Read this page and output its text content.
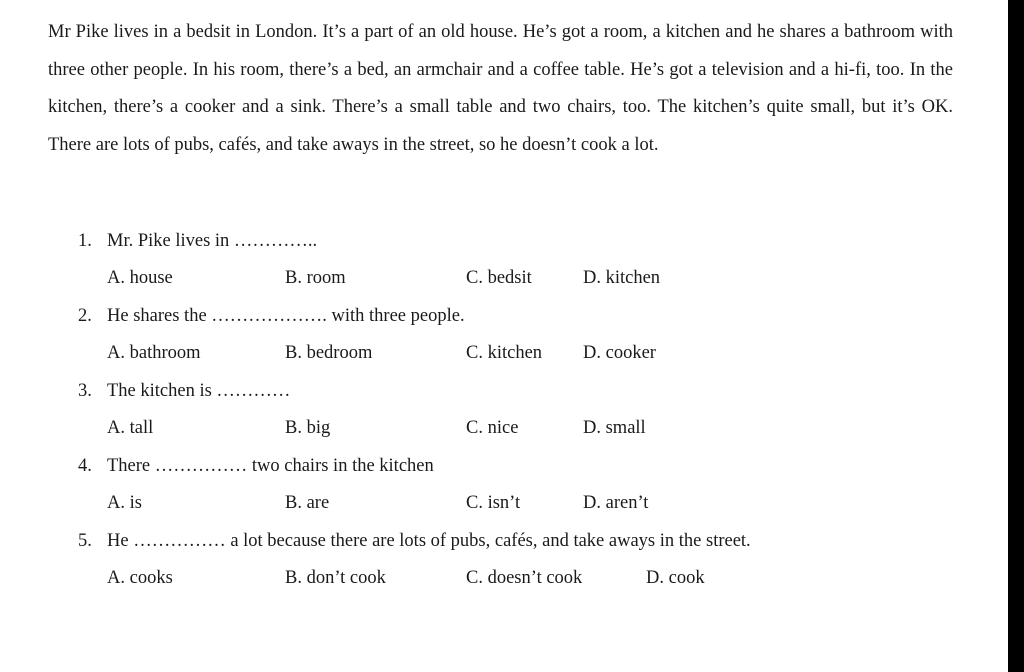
Mr Pike lives in a bedsit in London. It’s a part of an old house. He’s got a room, a kitchen and he shares a bathroom with three other people. In his room, there’s a bed, an armchair and a coffee table. He’s got a television and a hi-fi, too. In the kitchen, there’s a cooker and a sink. There’s a small table and two chairs, too. The kitchen’s quite small, but it’s OK. There are lots of pubs, cafés, and take aways in the street, so he doesn’t cook a lot.
1. Mr. Pike lives in …………..
A. house	B. room	C. bedsit	D. kitchen
2. He shares the ………………. with three people.
A. bathroom	B. bedroom	C. kitchen D. cooker
3. The kitchen is …………
A. tall	B. big	C. nice	D. small
4. There …………… two chairs in the kitchen
A. is	B. are	C. isn’t	D. aren’t
5. He …………… a lot because there are lots of pubs, cafés, and take aways in the street.
A. cooks	B. don’t cook	C. doesn’t cook	D. cook
